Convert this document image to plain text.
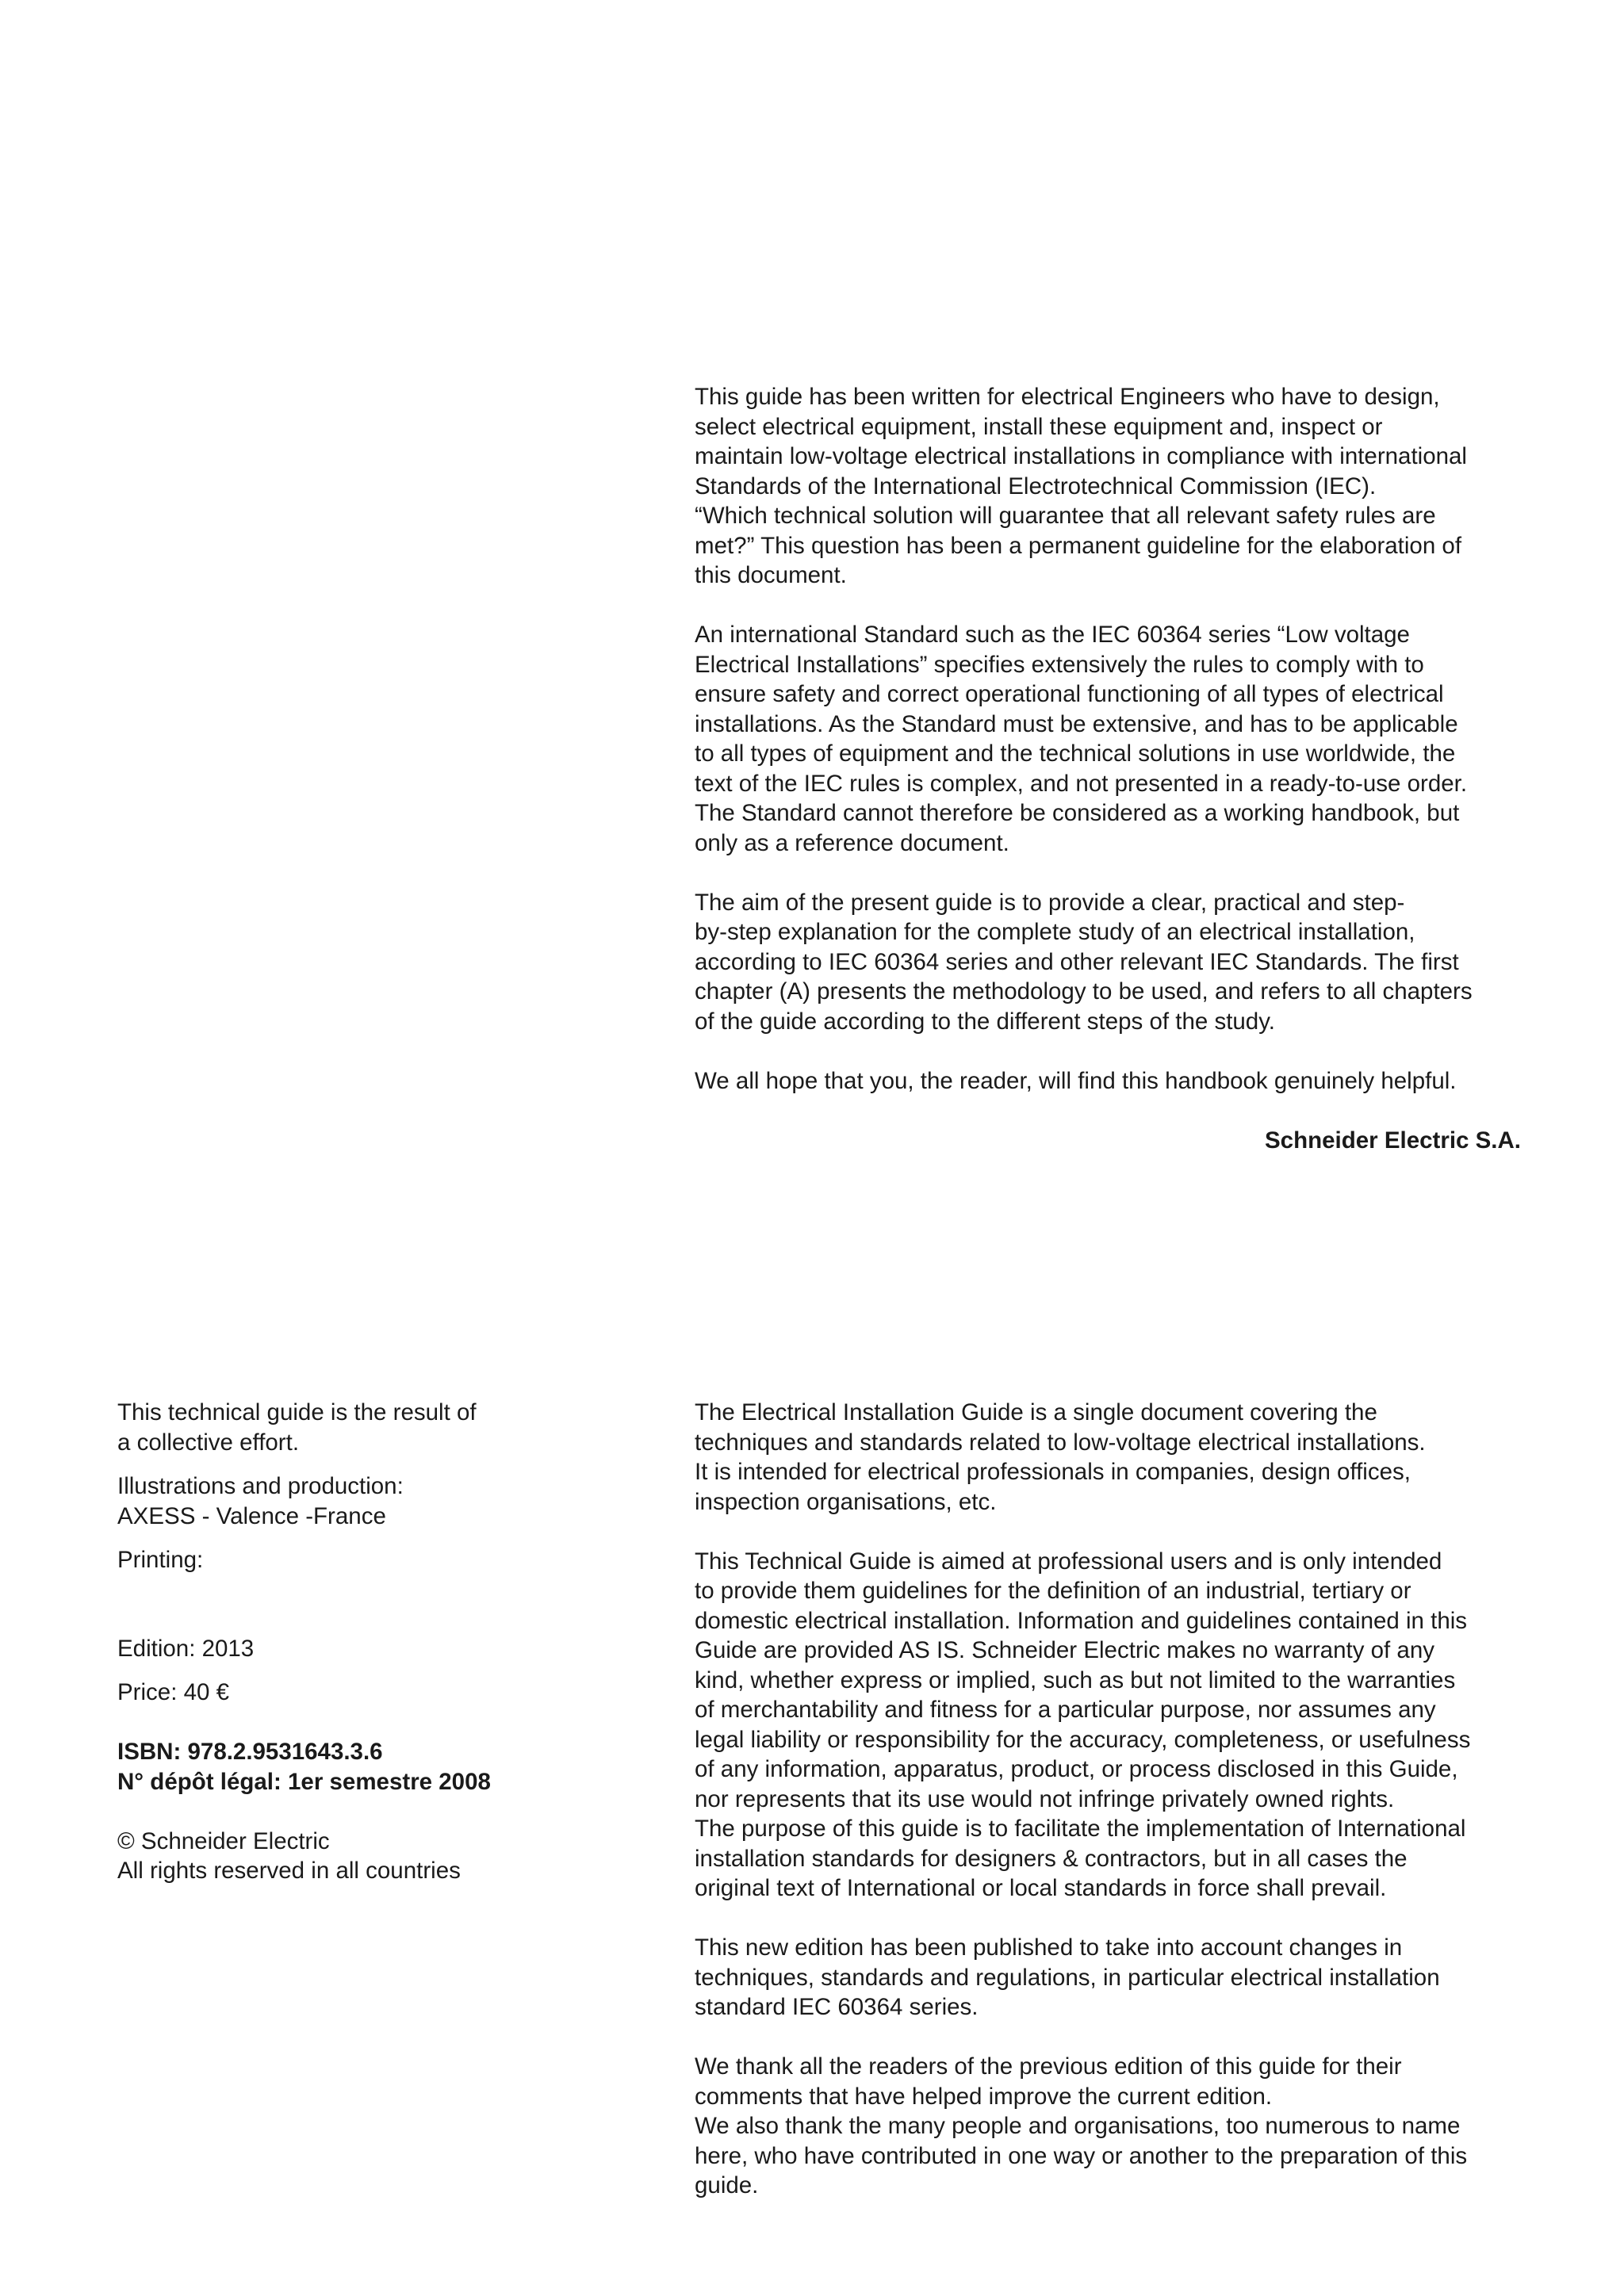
This guide has been written for electrical Engineers who have to design,
select electrical equipment, install these equipment and, inspect or
maintain low-voltage electrical installations in compliance with international
Standards of the International Electrotechnical Commission (IEC).
“Which technical solution will guarantee that all relevant safety rules are
met?” This question has been a permanent guideline for the elaboration of
this document.

An international Standard such as the IEC 60364 series “Low voltage
Electrical Installations” specifies extensively the rules to comply with to
ensure safety and correct operational functioning of all types of electrical
installations. As the Standard must be extensive, and has to be applicable
to all types of equipment and the technical solutions in use worldwide, the
text of the IEC rules is complex, and not presented in a ready-to-use order.
The Standard cannot therefore be considered as a working handbook, but
only as a reference document.

The aim of the present guide is to provide a clear, practical and step-
by-step explanation for the complete study of an electrical installation,
according to IEC 60364 series and other relevant IEC Standards. The first
chapter (A) presents the methodology to be used, and refers to all chapters
of the guide according to the different steps of the study.

We all hope that you, the reader, will find this handbook genuinely helpful.

Schneider Electric S.A.

This technical guide is the result of
a collective effort.

Illustrations and production:
AXESS - Valence -France

Printing:

Edition: 2013

Price: 40 €

ISBN: 978.2.9531643.3.6
N° dépôt légal: 1er semestre 2008

© Schneider Electric
All rights reserved in all countries

The Electrical Installation Guide is a single document covering the
techniques and standards related to low-voltage electrical installations.
It is intended for electrical professionals in companies, design offices,
inspection organisations, etc.

This Technical Guide is aimed at professional users and is only intended
to provide them guidelines for the definition of an industrial, tertiary or
domestic electrical installation. Information and guidelines contained in this
Guide are provided AS IS. Schneider Electric makes no warranty of any
kind, whether express or implied, such as but not limited to the warranties
of merchantability and fitness for a particular purpose, nor assumes any
legal liability or responsibility for the accuracy, completeness, or usefulness
of any information, apparatus, product, or process disclosed in this Guide,
nor represents that its use would not infringe privately owned rights.
The purpose of this guide is to facilitate the implementation of International
installation standards for designers & contractors, but in all cases the
original text of International or local standards in force shall prevail.

This new edition has been published to take into account changes in
techniques, standards and regulations, in particular electrical installation
standard IEC 60364 series.

We thank all the readers of the previous edition of this guide for their
comments that have helped improve the current edition.
We also thank the many people and organisations, too numerous to name
here, who have contributed in one way or another to the preparation of this
guide.
